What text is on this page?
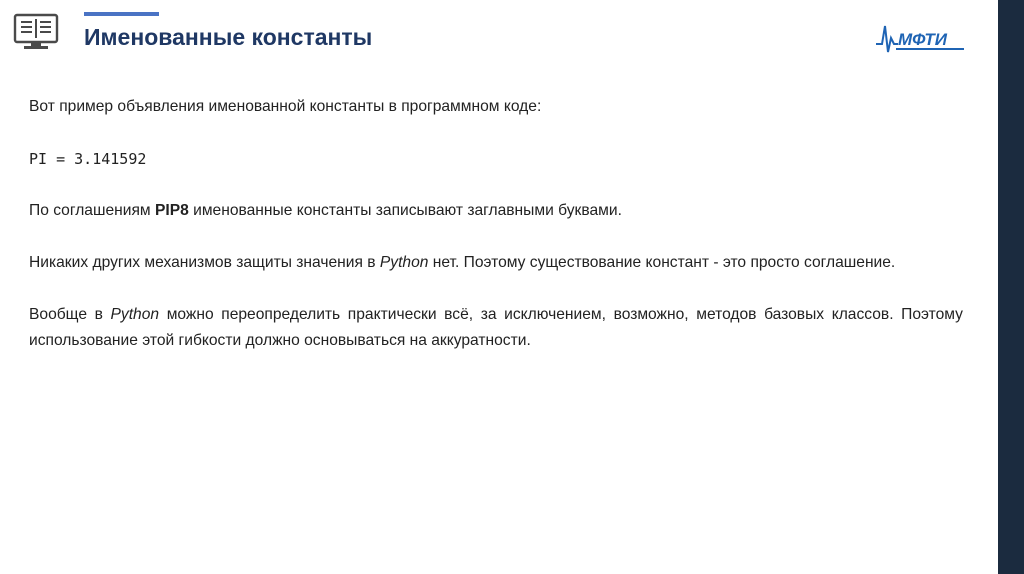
Именованные константы	МФТИ

Вот пример объявления именованной константы в программном коде:

PI = 3.141592

По соглашениям PIP8 именованные константы записывают заглавными буквами.

Никаких других механизмов защиты значения в Python нет. Поэтому существование констант - это просто соглашение.

Вообще в Python можно переопределить практически всё, за исключением, возможно, методов базовых классов. Поэтому использование этой гибкости должно основываться на аккуратности.
